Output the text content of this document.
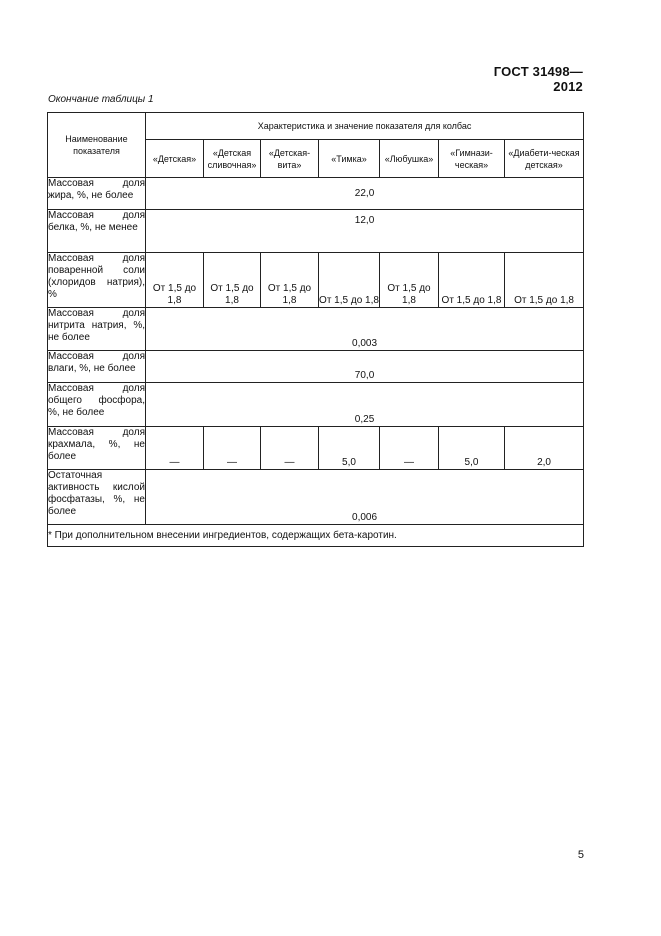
ГОСТ 31498—2012
Окончание таблицы 1
Наименование показателя	Характеристика и значение показателя для колбас						
	«Детская»	«Детская сливочная»	«Детская-вита»	«Тимка»	«Любушка»	«Гимнази-ческая»	«Диабети-ческая детская»
Массовая доля жира, %, не более	22,0						
Массовая доля белка, %, не менее	12,0						
Массовая доля поваренной соли (хлоридов натрия), %	От 1,5 до 1,8	От 1,5 до 1,8	От 1,5 до 1,8	От 1,5 до 1,8	От 1,5 до 1,8	От 1,5 до 1,8	От 1,5 до 1,8
Массовая доля нитрита натрия, %, не более	0,003						
Массовая доля влаги, %, не более	70,0						
Массовая доля общего фосфора, %, не более	0,25						
Массовая доля крахмала, %, не более	—	—	—	5,0	—	5,0	2,0
Остаточная активность кислой фосфатазы, %, не более	0,006						
* При дополнительном внесении ингредиентов, содержащих бета-каротин.							
5
